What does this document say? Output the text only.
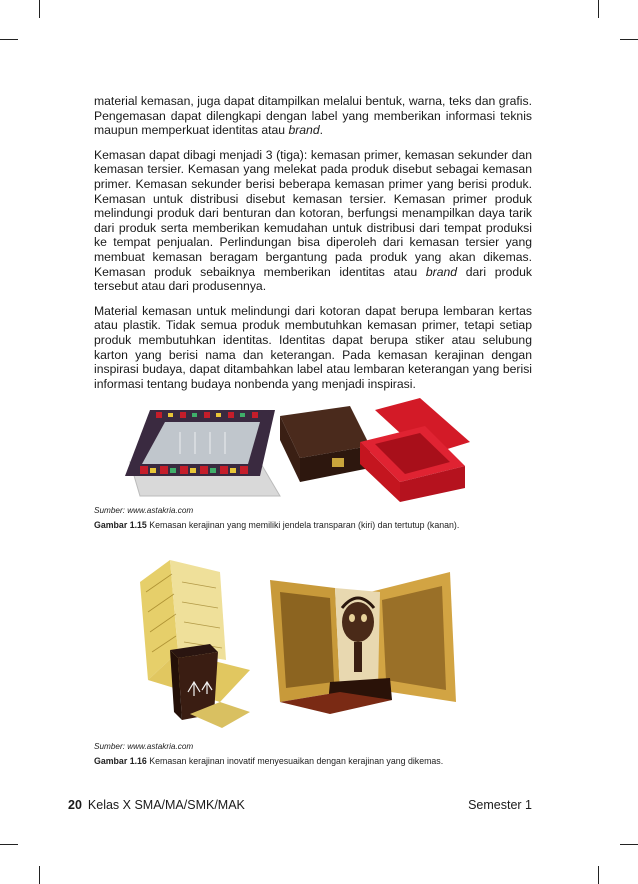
material kemasan, juga dapat ditampilkan melalui bentuk, warna, teks dan grafis. Pengemasan dapat dilengkapi dengan label yang memberikan informasi teknis maupun memperkuat identitas atau brand.

Kemasan dapat dibagi menjadi 3 (tiga): kemasan primer, kemasan sekunder dan kemasan tersier. Kemasan yang melekat pada produk disebut sebagai kemasan primer. Kemasan sekunder berisi beberapa kemasan primer yang berisi produk. Kemasan untuk distribusi disebut kemasan tersier. Kemasan primer produk melindungi produk dari benturan dan kotoran, berfungsi menampilkan daya tarik dari produk serta memberikan kemudahan untuk distribusi dari tempat produksi ke tempat penjualan. Perlindungan bisa diperoleh dari kemasan tersier yang membuat kemasan beragam bergantung pada produk yang akan dikemas. Kemasan produk sebaiknya memberikan identitas atau brand dari produk tersebut atau dari produsennya.

Material kemasan untuk melindungi dari kotoran dapat berupa lembaran kertas atau plastik. Tidak semua produk membutuhkan kemasan primer, tetapi setiap produk membutuhkan identitas. Identitas dapat berupa stiker atau selubung karton yang berisi nama dan keterangan. Pada kemasan kerajinan dengan inspirasi budaya, dapat ditambahkan label atau lembaran keterangan yang berisi informasi tentang budaya nonbenda yang menjadi inspirasi.

Sumber: www.astakria.com
Gambar 1.15 Kemasan kerajinan yang memiliki jendela transparan (kiri) dan tertutup (kanan).
Sumber: www.astakria.com
Gambar 1.16 Kemasan kerajinan inovatif menyesuaikan dengan kerajinan yang dikemas.
20 Kelas X SMA/MA/SMK/MAK	Semester 1
